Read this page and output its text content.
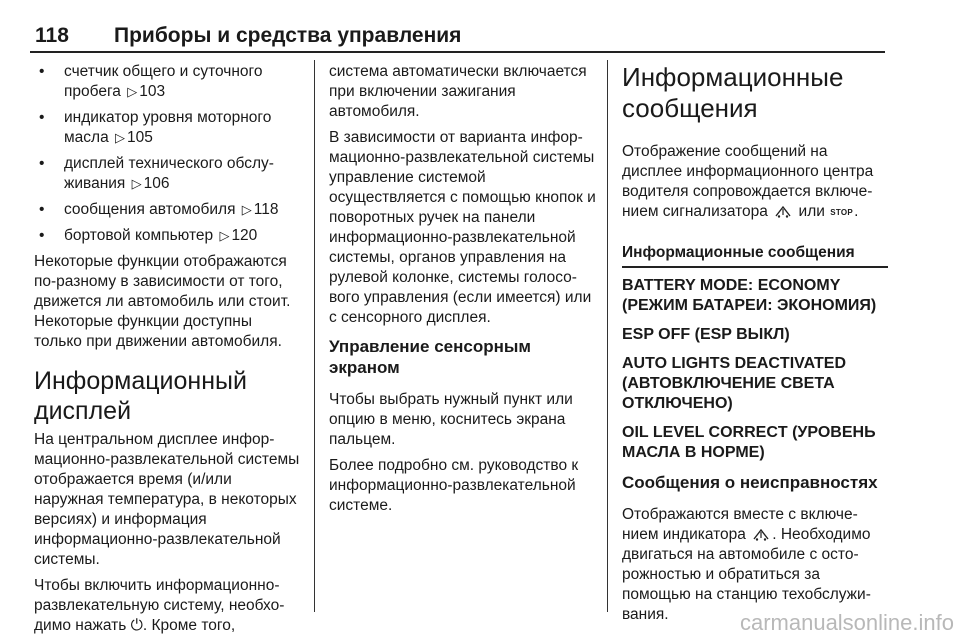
118 Приборы и средства управления
• счетчик общего и суточного пробега ▷ 103
• индикатор уровня моторного масла ▷ 105
• дисплей технического обслуживания ▷ 106
• сообщения автомобиля ▷ 118
• бортовой компьютер ▷ 120

Некоторые функции отображаются по-разному в зависимости от того, движется ли автомобиль или стоит. Некоторые функции доступны только при движении автомобиля.

Информационный дисплей

На центральном дисплее информационно-развлекательной системы отображается время (и/или наружная температура, в некоторых версиях) и информация информационно-развлекательной системы.

Чтобы включить информационно-развлекательную систему, необходимо нажать ⏻. Кроме того,

система автоматически включается при включении зажигания автомобиля.

В зависимости от варианта информационно-развлекательной системы управление системой осуществляется с помощью кнопок и поворотных ручек на панели информационно-развлекательной системы, органов управления на рулевой колонке, системы голосового управления (если имеется) или с сенсорного дисплея.

Управление сенсорным экраном

Чтобы выбрать нужный пункт или опцию в меню, коснитесь экрана пальцем.

Более подробно см. руководство к информационно-развлекательной системе.

Информационные сообщения

Отображение сообщений на дисплее информационного центра водителя сопровождается включением сигнализатора или STOP.

Информационные сообщения
BATTERY MODE: ECONOMY (РЕЖИМ БАТАРЕИ: ЭКОНОМИЯ)
ESP OFF (ESP ВЫКЛ)
AUTO LIGHTS DEACTIVATED (АВТОВКЛЮЧЕНИЕ СВЕТА ОТКЛЮЧЕНО)
OIL LEVEL CORRECT (УРОВЕНЬ МАСЛА В НОРМЕ)
Сообщения о неисправностях

Отображаются вместе с включением индикатора . Необходимо двигаться на автомобиле с осторожностью и обратиться за помощью на станцию техобслуживания.	carmanualsonline.info
